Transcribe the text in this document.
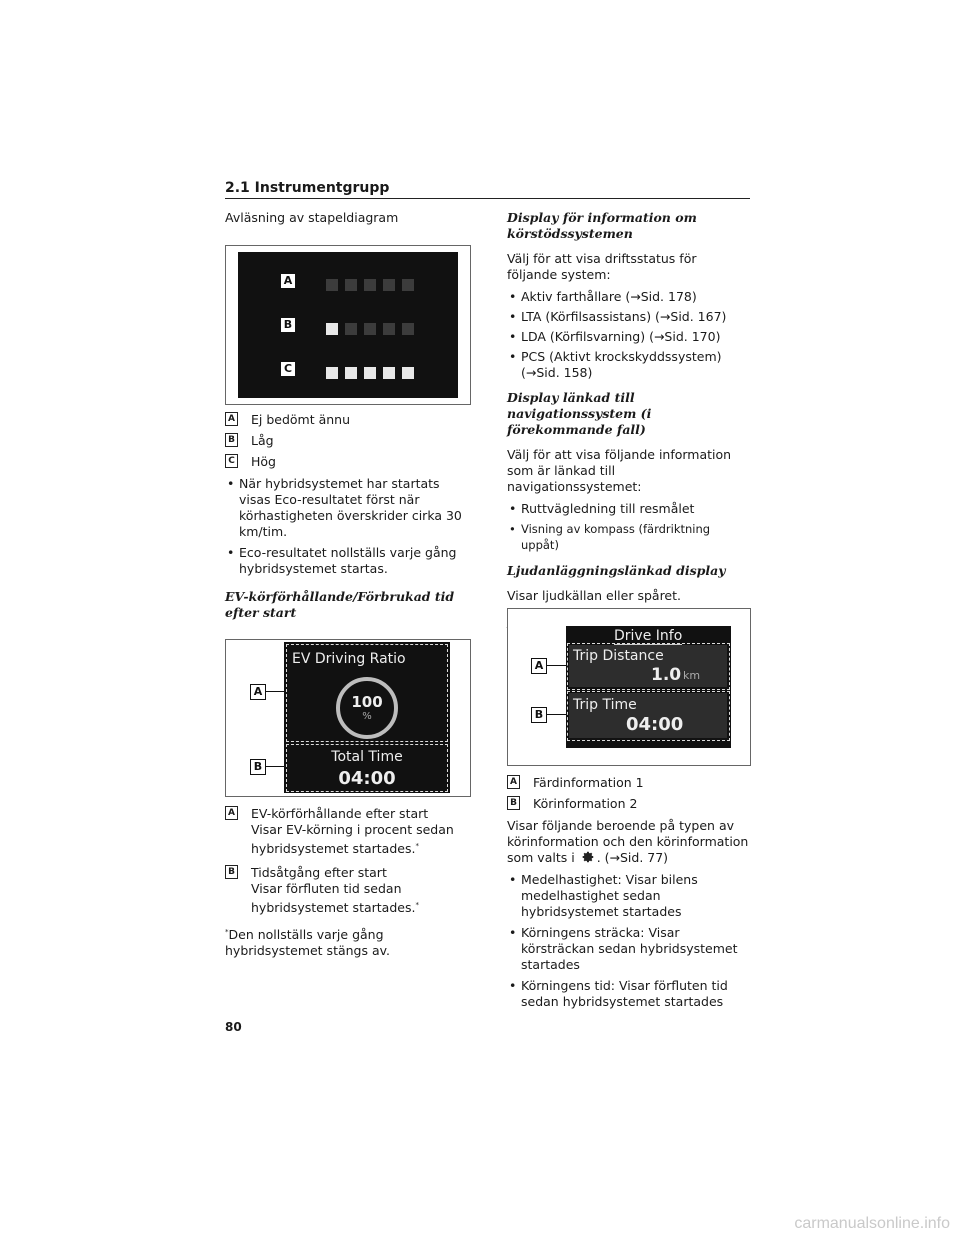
2.1 Instrumentgrupp

Avläsning av stapeldiagram

A
B
C
A Ej bedömt ännu
B Låg
C Hög

• När hybridsystemet har startats visas Eco-resultatet först när körhastigheten överskrider cirka 30 km/tim.

• Eco-resultatet nollställs varje gång hybridsystemet startas.

EV-körförhållande/Förbrukad tid efter start

A
B
EV Driving Ratio
100
%
Total Time
04:00
A EV-körförhållande efter start
Visar EV-körning i procent sedan hybridsystemet startades.*
B Tidsåtgång efter start
Visar förfluten tid sedan hybridsystemet startades.*

*Den nollställs varje gång hybridsystemet stängs av.

Display för information om körstödssystemen

Välj för att visa driftsstatus för följande system:

• Aktiv farthållare (→Sid. 178)

• LTA (Körfilsassistans) (→Sid. 167)

• LDA (Körfilsvarning) (→Sid. 170)

• PCS (Aktivt krockskyddssystem) (→Sid. 158)

Display länkad till navigationssystem (i förekommande fall)

Välj för att visa följande information som är länkad till navigationssystemet:

• Ruttvägledning till resmålet

• Visning av kompass (färdriktning uppåt)

Ljudanläggningslänkad display

Visar ljudkällan eller spåret.

A
B
Drive Info
Trip Distance
1.0 km
Trip Time
04:00
A Färdinformation 1
B Körinformation 2

Visar följande beroende på typen av körinformation och den körinformation som valts i . (→Sid. 77)

• Medelhastighet: Visar bilens medelhastighet sedan hybridsystemet startades

• Körningens sträcka: Visar körsträckan sedan hybridsystemet startades

• Körningens tid: Visar förfluten tid sedan hybridsystemet startades

80
carmanualsonline.info
